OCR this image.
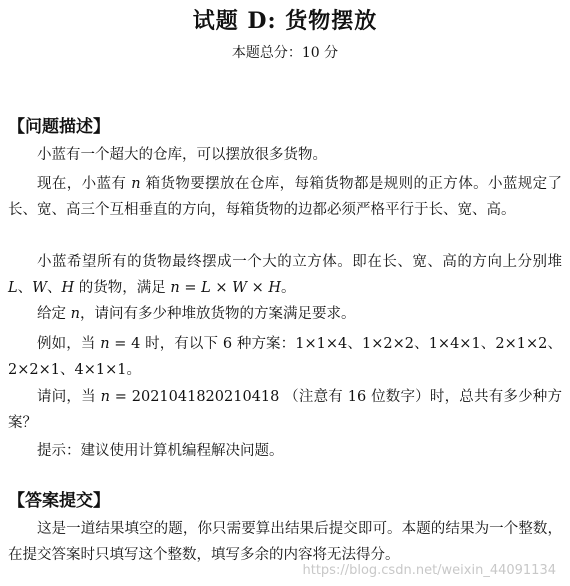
试题 D: 货物摆放
本题总分：10 分
【问题描述】

小蓝有一个超大的仓库，可以摆放很多货物。

现在，小蓝有 n 箱货物要摆放在仓库，每箱货物都是规则的正方体。小蓝规定了长、宽、高三个互相垂直的方向，每箱货物的边都必须严格平行于长、宽、高。

小蓝希望所有的货物最终摆成一个大的立方体。即在长、宽、高的方向上分别堆 L、W、H 的货物，满足 n = L × W × H。

给定 n，请问有多少种堆放货物的方案满足要求。

例如，当 n = 4 时，有以下 6 种方案：1×1×4、1×2×2、1×4×1、2×1×2、2×2×1、4×1×1。

请问，当 n = 2021041820210418 （注意有 16 位数字）时，总共有多少种方案？

提示：建议使用计算机编程解决问题。

【答案提交】

这是一道结果填空的题，你只需要算出结果后提交即可。本题的结果为一个整数，在提交答案时只填写这个整数，填写多余的内容将无法得分。

https://blog.csdn.net/weixin_44091134
